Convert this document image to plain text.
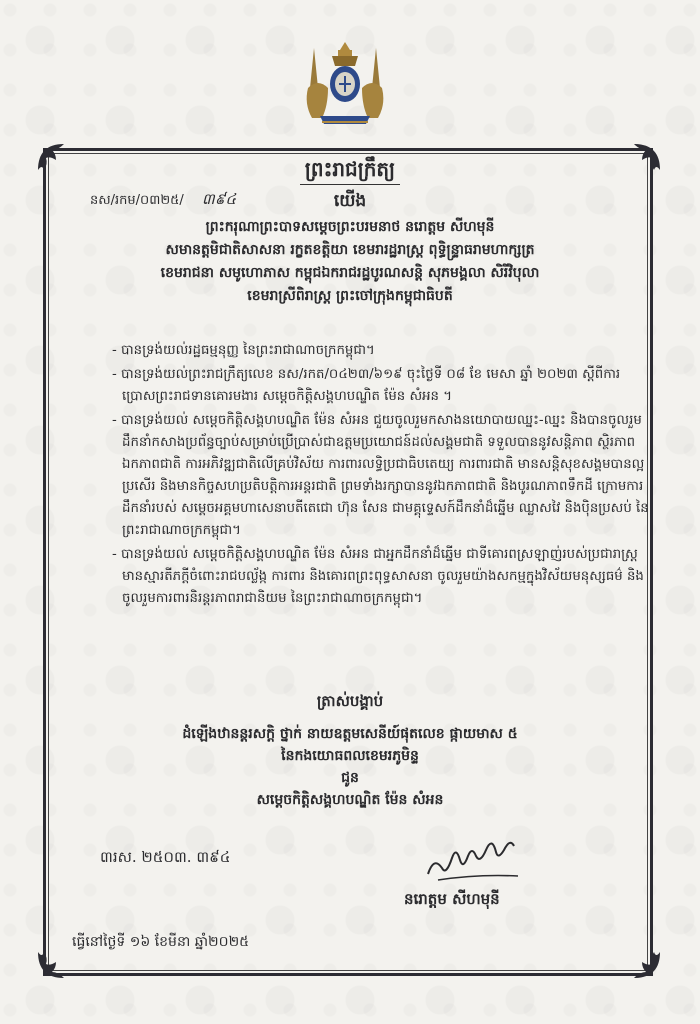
ព្រះរាជក្រឹត្យ
នស/រកម/០៣២៥/ ៣៩៤	យើង
ព្រះករុណាព្រះបាទសម្តេចព្រះបរមនាថ នរោត្តម សីហមុនី
សមានត្តមិជាតិសាសនា រក្ខតខត្តិយា ខេមរារដ្ឋរាស្ត្រ ពុទ្ធិន្ទ្រាធរាមហាក្សត្រ
ខេមរាជនា សមូហោភាស កម្ពុជឯករាជរដ្ឋបូរណសន្តិ សុភមង្គលា សិរីវិបុលា
ខេមរាស្រីពិរាស្ត្រ ព្រះចៅក្រុងកម្ពុជាធិបតី

- បានទ្រង់យល់រដ្ឋធម្មនុញ្ញ នៃព្រះរាជាណាចក្រកម្ពុជា។

- បានទ្រង់យល់ព្រះរាជក្រឹត្យលេខ នស/រកត/០៤២៣/៦១៩ ចុះថ្ងៃទី ០៨ ខែ មេសា ឆ្នាំ ២០២៣ ស្តីពីការប្រោសព្រះរាជទានគោរមងារ សម្តេចកិត្តិសង្គហបណ្ឌិត ម៉ែន សំអន ។

- បានទ្រង់យល់ សម្តេចកិត្តិសង្គហបណ្ឌិត ម៉ែន សំអន ជួយចូលរួមកសាងនយោបាយឈ្នះ-ឈ្នះ និងបានចូលរួមដឹកនាំកសាងប្រព័ន្ធច្បាប់សម្រាប់ប្រើប្រាស់ជាឧត្តមប្រយោជន៍ដល់សង្គមជាតិ ទទួលបាននូវសន្តិភាព ស្ថិរភាព ឯកភាពជាតិ ការអភិវឌ្ឍជាតិលើគ្រប់វិស័យ ការពារលទ្ធិប្រជាធិបតេយ្យ ការពារជាតិ មានសន្តិសុខសង្គមបានល្អប្រសើរ និងមានកិច្ចសហប្រតិបត្តិការអន្តរជាតិ ព្រមទាំងរក្សាបាននូវឯកភាពជាតិ និងបូរណភាពទឹកដី ក្រោមការដឹកនាំរបស់ សម្តេចអគ្គមហាសេនាបតីតេជោ ហ៊ុន សែន ជាមគ្គុទ្ទេសក៍ដឹកនាំដ៏ឆ្នើម ឈ្លាសវៃ និងប៉ិនប្រសប់ នៃព្រះរាជាណាចក្រកម្ពុជា។

- បានទ្រង់យល់ សម្តេចកិត្តិសង្គហបណ្ឌិត ម៉ែន សំអន ជាអ្នកដឹកនាំដ៏ឆ្នើម ជាទីគោរពស្រឡាញ់របស់ប្រជារាស្ត្រ មានស្មារតីភក្តីចំពោះរាជបល្ល័ង្ក ការពារ និងគោរពព្រះពុទ្ធសាសនា ចូលរួមយ៉ាងសកម្មក្នុងវិស័យមនុស្សធម៌ និងចូលរួមការពារនិរន្តរភាពរាជានិយម នៃព្រះរាជាណាចក្រកម្ពុជា។

ត្រាស់បង្គាប់
ដំឡើងឋានន្តរសក្តិ ថ្នាក់ នាយឧត្តមសេនីយ៍ផុតលេខ ផ្កាយមាស ៥
នៃកងយោធពលខេមរភូមិន្ទ
ជូន
សម្តេចកិត្តិសង្គហបណ្ឌិត ម៉ែន សំអន
៣រស. ២៥០៣. ៣៩៤
នរោត្តម សីហមុនី
ធ្វើនៅថ្ងៃទី ១៦ ខែមីនា ឆ្នាំ២០២៥
